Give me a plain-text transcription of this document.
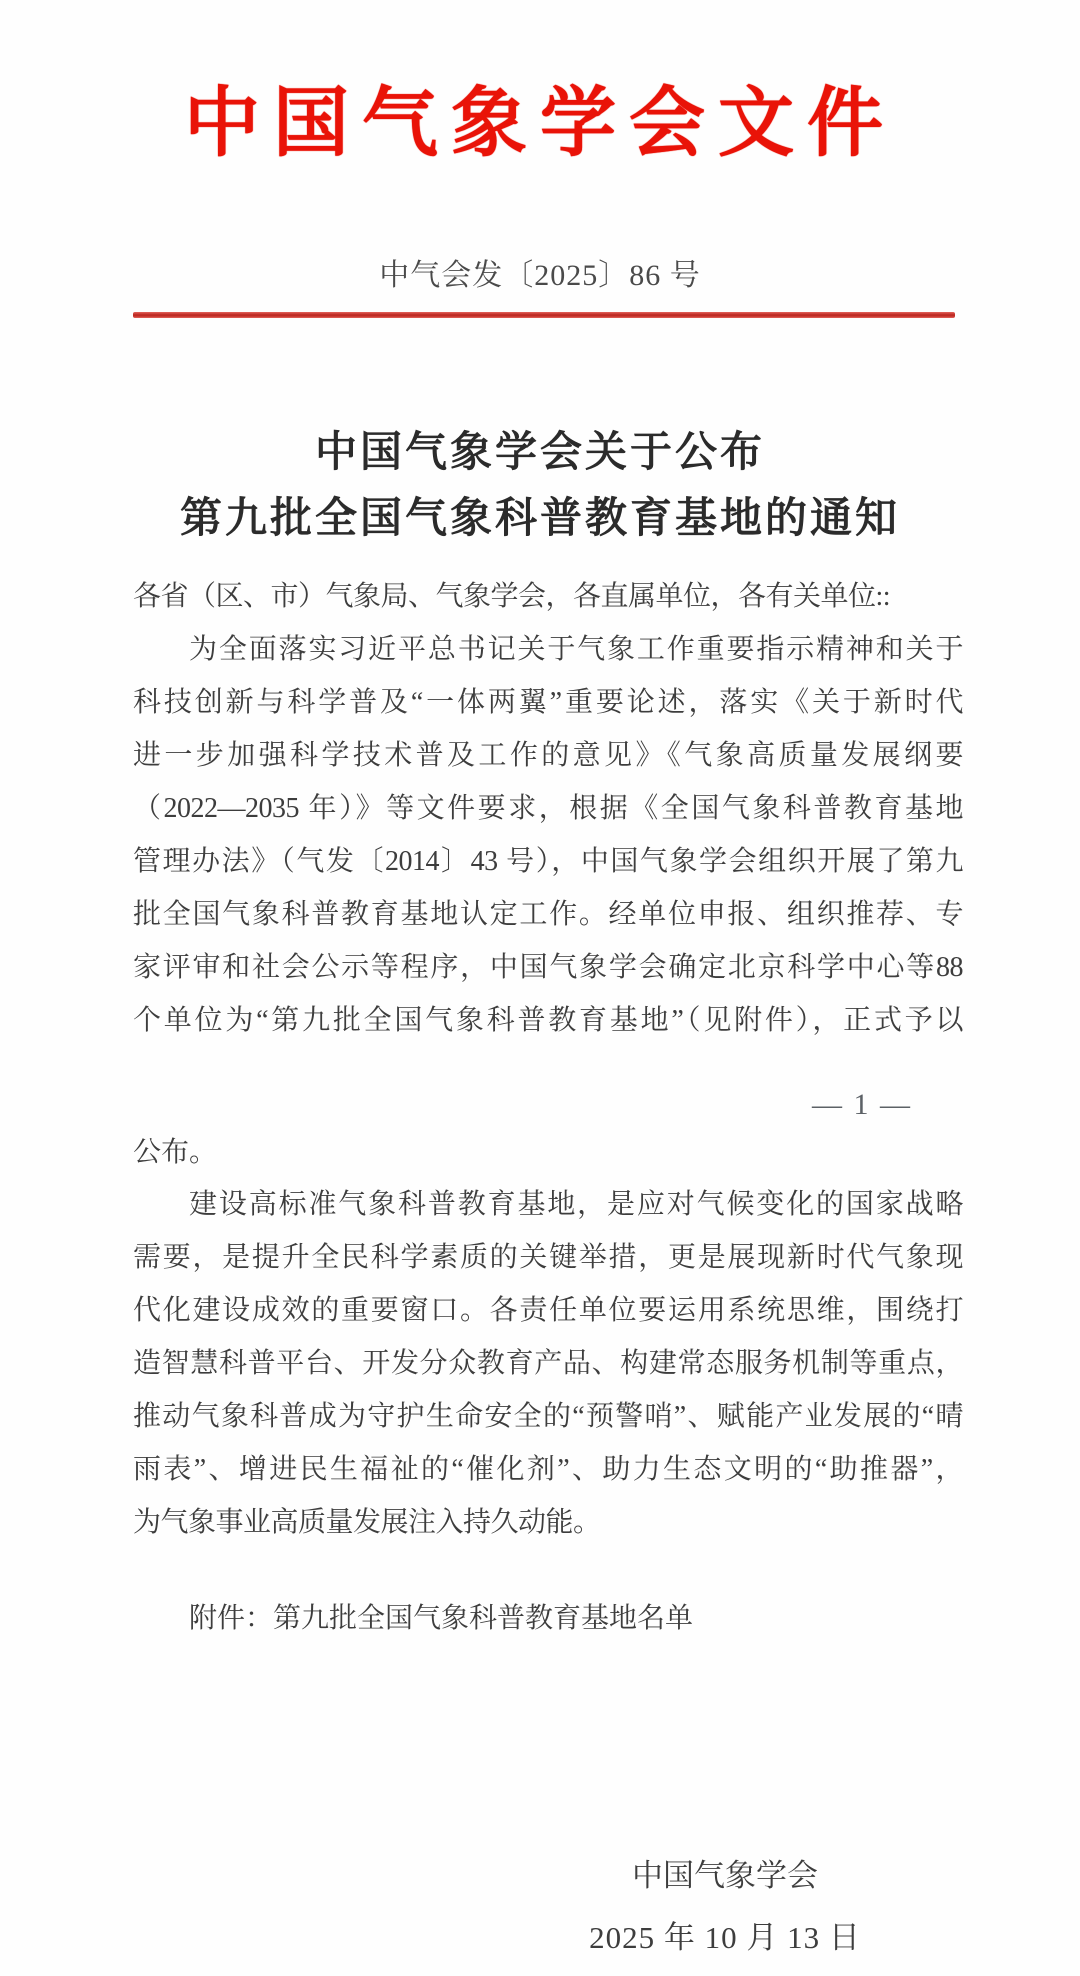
中国气象学会文件
中气会发〔2025〕86 号
中国气象学会关于公布
第九批全国气象科普教育基地的通知
各省（区、市）气象局、气象学会，各直属单位，各有关单位::
为全面落实习近平总书记关于气象工作重要指示精神和关于
科技创新与科学普及“一体两翼”重要论述，落实《关于新时代
进一步加强科学技术普及工作的意见》《气象高质量发展纲要
（2022—2035 年）》等文件要求，根据《全国气象科普教育基地
管理办法》（气发〔2014〕43 号），中国气象学会组织开展了第九
批全国气象科普教育基地认定工作。经单位申报、组织推荐、专
家评审和社会公示等程序，中国气象学会确定北京科学中心等88
个单位为“第九批全国气象科普教育基地”（见附件），正式予以
— 1 —
公布。
建设高标准气象科普教育基地，是应对气候变化的国家战略
需要，是提升全民科学素质的关键举措，更是展现新时代气象现
代化建设成效的重要窗口。各责任单位要运用系统思维，围绕打
造智慧科普平台、开发分众教育产品、构建常态服务机制等重点，
推动气象科普成为守护生命安全的“预警哨”、赋能产业发展的“晴
雨表”、增进民生福祉的“催化剂”、助力生态文明的“助推器”，
为气象事业高质量发展注入持久动能。
附件：第九批全国气象科普教育基地名单
中国气象学会
2025 年 10 月 13 日
